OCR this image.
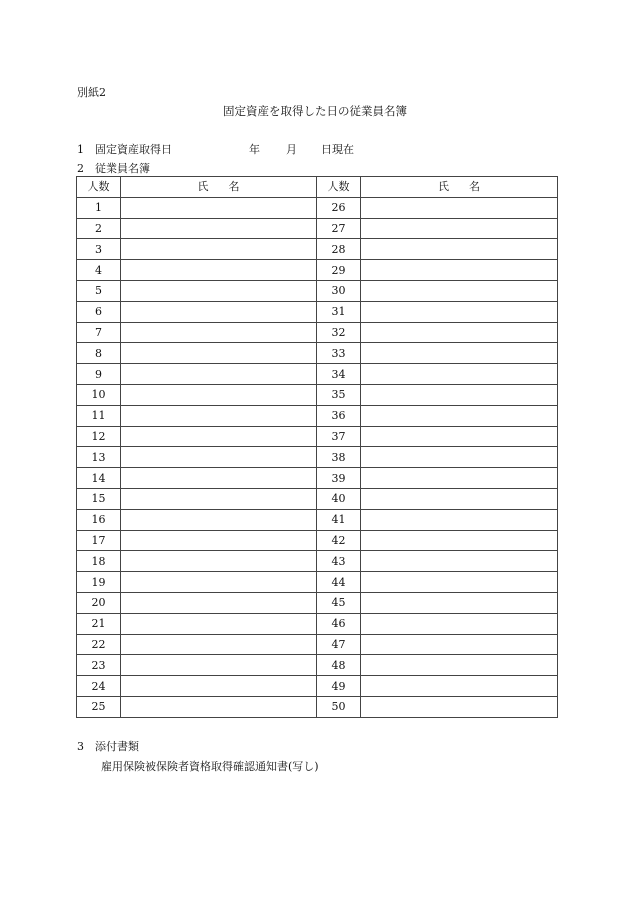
別紙2
固定資産を取得した日の従業員名簿
1 固定資産取得日	年 月 日現在
2 従業員名簿
人数	氏 名	人数	氏 名
1		26	
2		27	
3		28	
4		29	
5		30	
6		31	
7		32	
8		33	
9		34	
10		35	
11		36	
12		37	
13		38	
14		39	
15		40	
16		41	
17		42	
18		43	
19		44	
20		45	
21		46	
22		47	
23		48	
24		49	
25		50	
3 添付書類
雇用保険被保険者資格取得確認通知書(写し)
